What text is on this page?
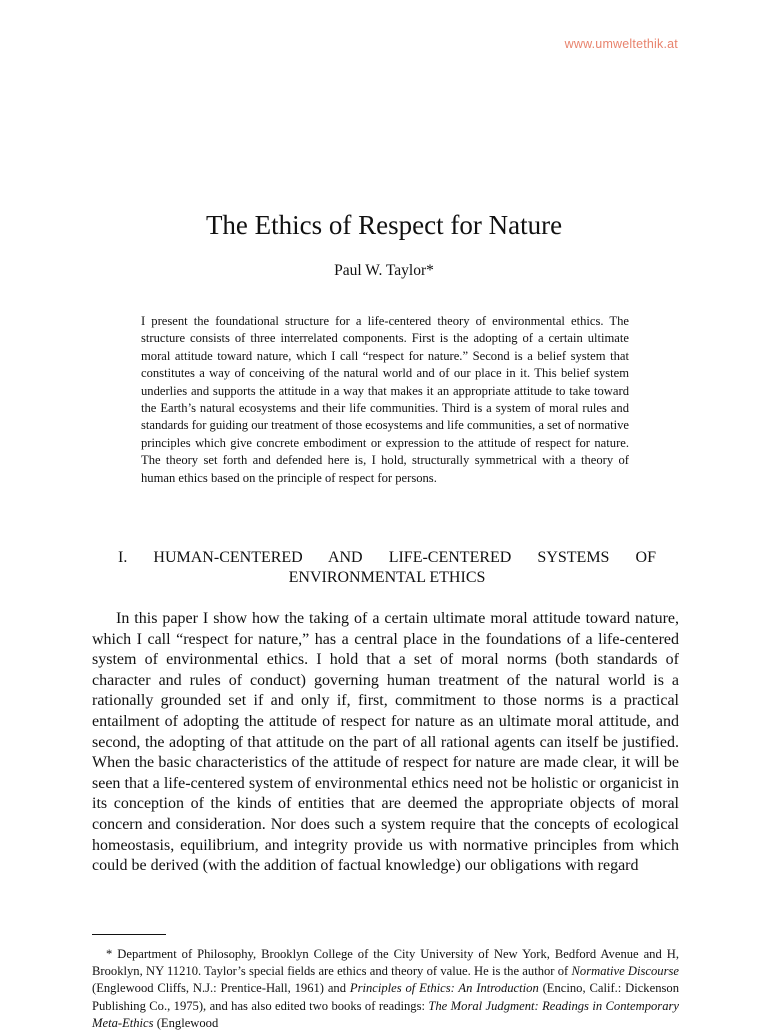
www.umweltethik.at
The Ethics of Respect for Nature

Paul W. Taylor*

I present the foundational structure for a life-centered theory of environmental ethics. The structure consists of three interrelated components. First is the adopting of a certain ultimate moral attitude toward nature, which I call “respect for nature.” Second is a belief system that constitutes a way of conceiving of the natural world and of our place in it. This belief system underlies and supports the attitude in a way that makes it an appropriate attitude to take toward the Earth’s natural ecosystems and their life communities. Third is a system of moral rules and standards for guiding our treatment of those ecosystems and life communities, a set of normative principles which give concrete embodiment or expression to the attitude of respect for nature. The theory set forth and defended here is, I hold, structurally symmetrical with a theory of human ethics based on the principle of respect for persons.

I. HUMAN-CENTERED AND LIFE-CENTERED SYSTEMS OF
ENVIRONMENTAL ETHICS

In this paper I show how the taking of a certain ultimate moral attitude toward nature, which I call “respect for nature,” has a central place in the foundations of a life-centered system of environmental ethics. I hold that a set of moral norms (both standards of character and rules of conduct) governing human treatment of the natural world is a rationally grounded set if and only if, first, commitment to those norms is a practical entailment of adopting the attitude of respect for nature as an ultimate moral attitude, and second, the adopting of that attitude on the part of all rational agents can itself be justified. When the basic characteristics of the attitude of respect for nature are made clear, it will be seen that a life-centered system of environmental ethics need not be holistic or organicist in its conception of the kinds of entities that are deemed the appropriate objects of moral concern and consideration. Nor does such a system require that the concepts of ecological homeostasis, equilibrium, and integrity provide us with normative principles from which could be derived (with the addition of factual knowledge) our obligations with regard

* Department of Philosophy, Brooklyn College of the City University of New York, Bedford Avenue and H, Brooklyn, NY 11210. Taylor’s special fields are ethics and theory of value. He is the author of Normative Discourse (Englewood Cliffs, N.J.: Prentice-Hall, 1961) and Principles of Ethics: An Introduction (Encino, Calif.: Dickenson Publishing Co., 1975), and has also edited two books of readings: The Moral Judgment: Readings in Contemporary Meta-Ethics (Englewood
